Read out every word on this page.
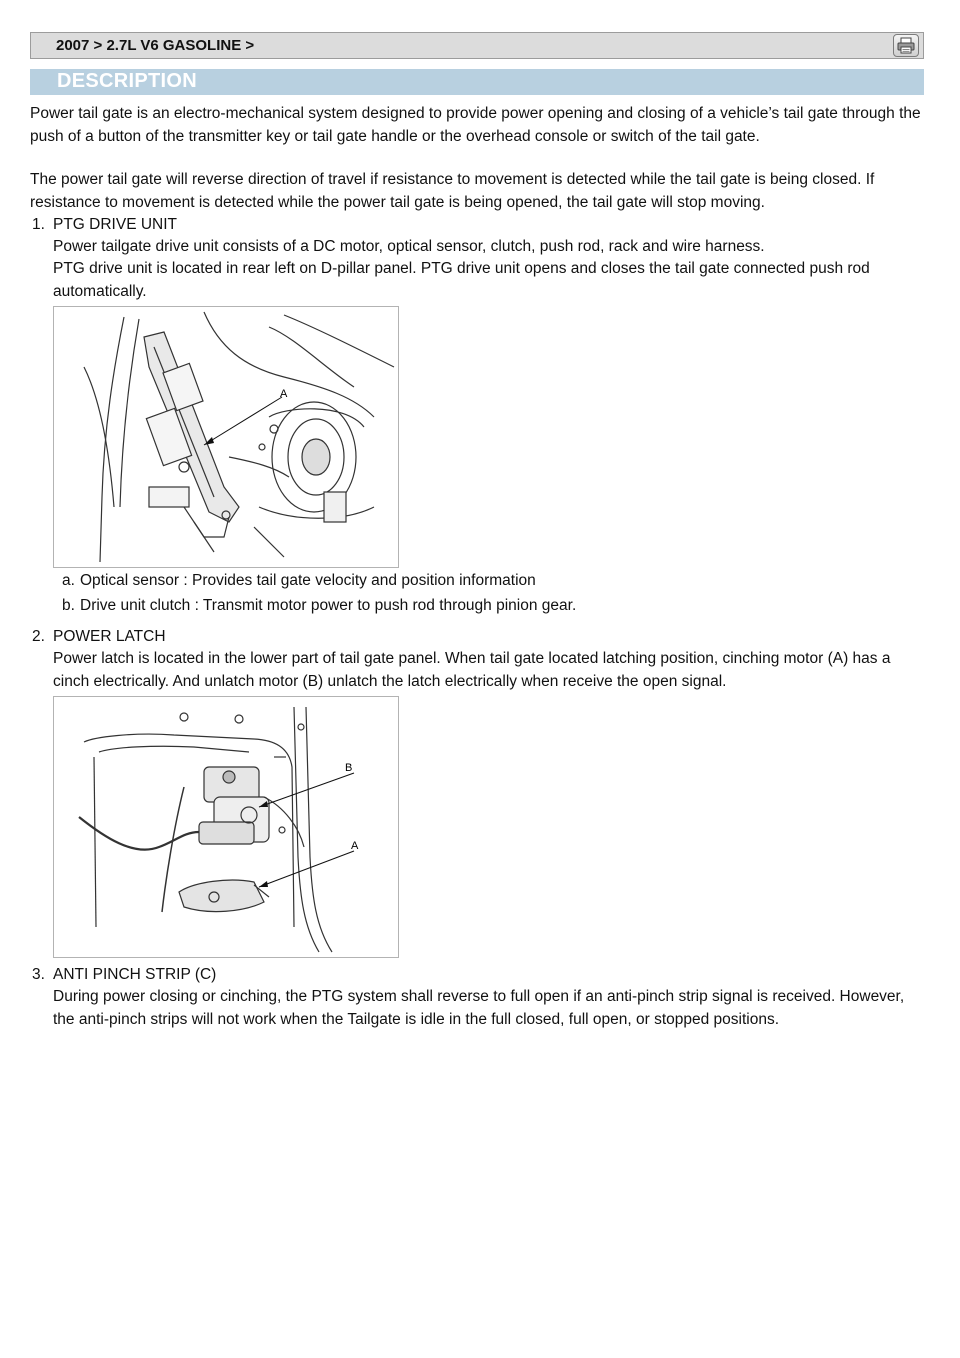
2007 > 2.7L V6 GASOLINE >
DESCRIPTION
Power tail gate is an electro-mechanical system designed to provide power opening and closing of a vehicle’s tail gate through the push of a button of the transmitter key or tail gate handle or the overhead console or switch of the tail gate.
The power tail gate will reverse direction of travel if resistance to movement is detected while the tail gate is being closed. If resistance to movement is detected while the power tail gate is being opened, the tail gate will stop moving.
1. PTG DRIVE UNIT
Power tailgate drive unit consists of a DC motor, optical sensor, clutch, push rod, rack and wire harness.
PTG drive unit is located in rear left on D-pillar panel. PTG drive unit opens and closes the tail gate connected push rod automatically.
A
a. Optical sensor : Provides tail gate velocity and position information
b. Drive unit clutch : Transmit motor power to push rod through pinion gear.
2. POWER LATCH
Power latch is located in the lower part of tail gate panel. When tail gate located latching position, cinching motor (A) has a cinch electrically. And unlatch motor (B) unlatch the latch electrically when receive the open signal.
B
A
3. ANTI PINCH STRIP (C)
During power closing or cinching, the PTG system shall reverse to full open if an anti-pinch strip signal is received. However, the anti-pinch strips will not work when the Tailgate is idle in the full closed, full open, or stopped positions.
